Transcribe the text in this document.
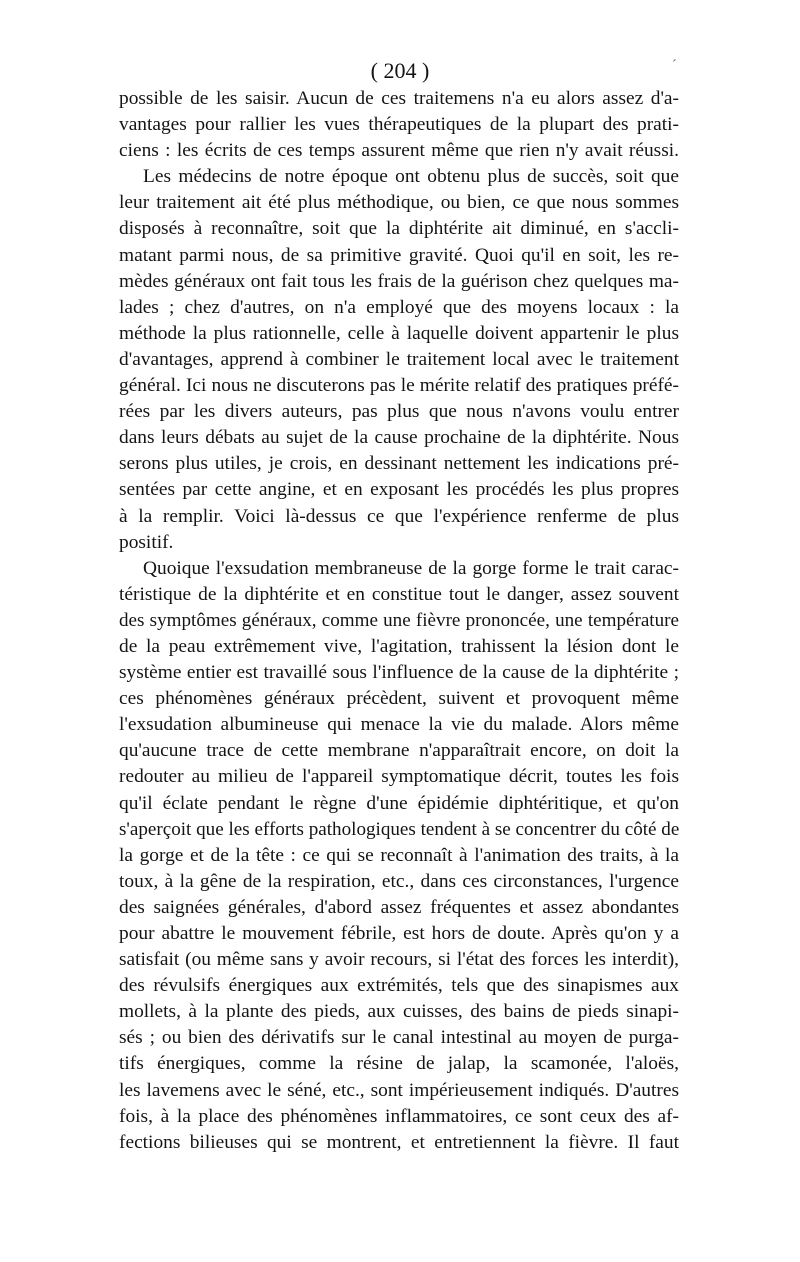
( 204 )	´
possible de les saisir. Aucun de ces traitemens n'a eu alors assez d'a-
vantages pour rallier les vues thérapeutiques de la plupart des prati-
ciens : les écrits de ces temps assurent même que rien n'y avait réussi.
Les médecins de notre époque ont obtenu plus de succès, soit que
leur traitement ait été plus méthodique, ou bien, ce que nous sommes
disposés à reconnaître, soit que la diphtérite ait diminué, en s'accli-
matant parmi nous, de sa primitive gravité. Quoi qu'il en soit, les re-
mèdes généraux ont fait tous les frais de la guérison chez quelques ma-
lades ; chez d'autres, on n'a employé que des moyens locaux : la
méthode la plus rationnelle, celle à laquelle doivent appartenir le plus
d'avantages, apprend à combiner le traitement local avec le traitement
général. Ici nous ne discuterons pas le mérite relatif des pratiques préfé-
rées par les divers auteurs, pas plus que nous n'avons voulu entrer
dans leurs débats au sujet de la cause prochaine de la diphtérite. Nous
serons plus utiles, je crois, en dessinant nettement les indications pré-
sentées par cette angine, et en exposant les procédés les plus propres
à la remplir. Voici là-dessus ce que l'expérience renferme de plus
positif.
Quoique l'exsudation membraneuse de la gorge forme le trait carac-
téristique de la diphtérite et en constitue tout le danger, assez souvent
des symptômes généraux, comme une fièvre prononcée, une température
de la peau extrêmement vive, l'agitation, trahissent la lésion dont le
système entier est travaillé sous l'influence de la cause de la diphtérite ;
ces phénomènes généraux précèdent, suivent et provoquent même
l'exsudation albumineuse qui menace la vie du malade. Alors même
qu'aucune trace de cette membrane n'apparaîtrait encore, on doit la
redouter au milieu de l'appareil symptomatique décrit, toutes les fois
qu'il éclate pendant le règne d'une épidémie diphtéritique, et qu'on
s'aperçoit que les efforts pathologiques tendent à se concentrer du côté de
la gorge et de la tête : ce qui se reconnaît à l'animation des traits, à la
toux, à la gêne de la respiration, etc., dans ces circonstances, l'urgence
des saignées générales, d'abord assez fréquentes et assez abondantes
pour abattre le mouvement fébrile, est hors de doute. Après qu'on y a
satisfait (ou même sans y avoir recours, si l'état des forces les interdit),
des révulsifs énergiques aux extrémités, tels que des sinapismes aux
mollets, à la plante des pieds, aux cuisses, des bains de pieds sinapi-
sés ; ou bien des dérivatifs sur le canal intestinal au moyen de purga-
tifs énergiques, comme la résine de jalap, la scamonée, l'aloës,
les lavemens avec le séné, etc., sont impérieusement indiqués. D'autres
fois, à la place des phénomènes inflammatoires, ce sont ceux des af-
fections bilieuses qui se montrent, et entretiennent la fièvre. Il faut
